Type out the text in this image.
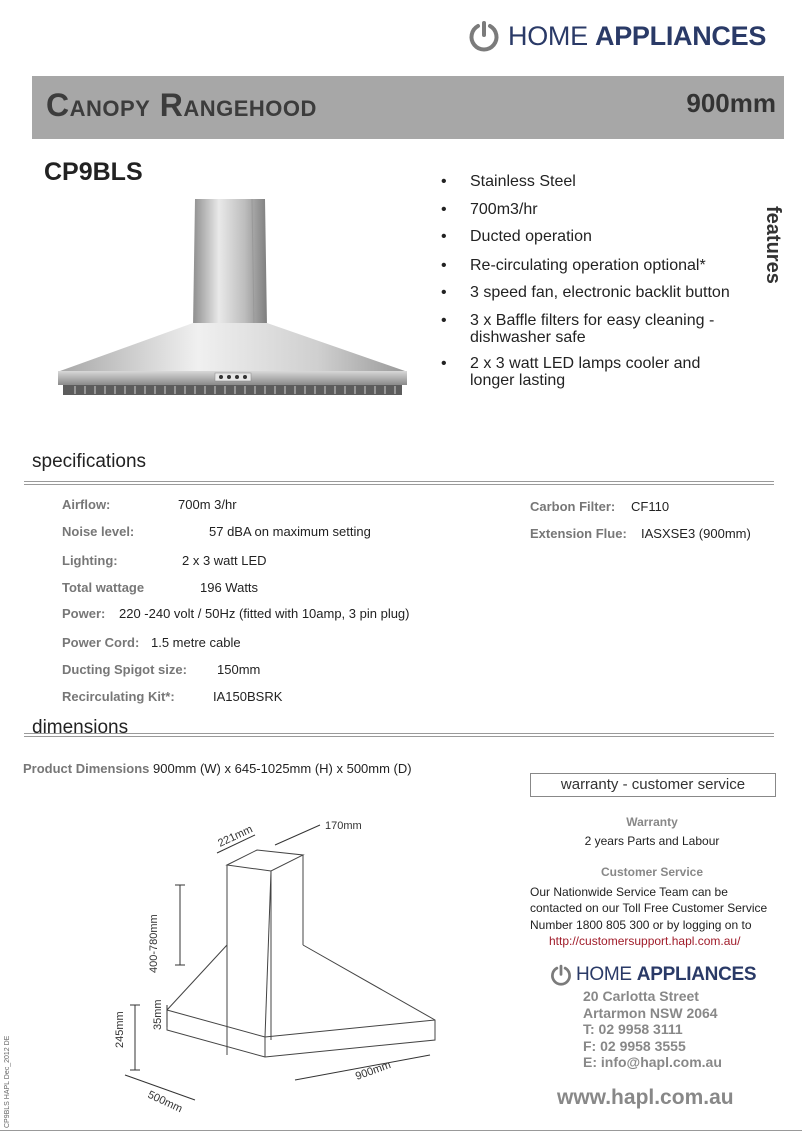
HOME APPLIANCES
Canopy Rangehood	900mm
CP9BLS	• Stainless Steel
• 700m3/hr
• Ducted operation
• Re-circulating operation optional*
• 3 speed fan, electronic backlit button
• 3 x Baffle filters for easy cleaning - dishwasher safe
• 2 x 3 watt LED lamps cooler and longer lasting
features
specifications
Airflow:	700m 3/hr
Noise level:	57 dBA on maximum setting
Lighting:	2 x 3 watt LED
Total wattage	196 Watts
Power: 220 -240 volt / 50Hz (fitted with 10amp, 3 pin plug)
Power Cord: 1.5 metre cable
Ducting Spigot size: 150mm
Recirculating Kit*:	IA150BSRK
Carbon Filter: CF110
Extension Flue: IASXSE3 (900mm)
dimensions
Product Dimensions 900mm (W) x 645-1025mm (H) x 500mm (D)
221mm	170mm
400-780mm
245mm 35mm
900mm
500mm
warranty - customer service
Warranty
2 years Parts and Labour
Customer Service
Our Nationwide Service Team can be
contacted on our Toll Free Customer Service
Number 1800 805 300 or by logging on to
http://customersupport.hapl.com.au/
HOME APPLIANCES
20 Carlotta Street
Artarmon NSW 2064
T: 02 9958 3111
F: 02 9958 3555
E: info@hapl.com.au
www.hapl.com.au
CP9BLS HAPL Dec_2012 DE
